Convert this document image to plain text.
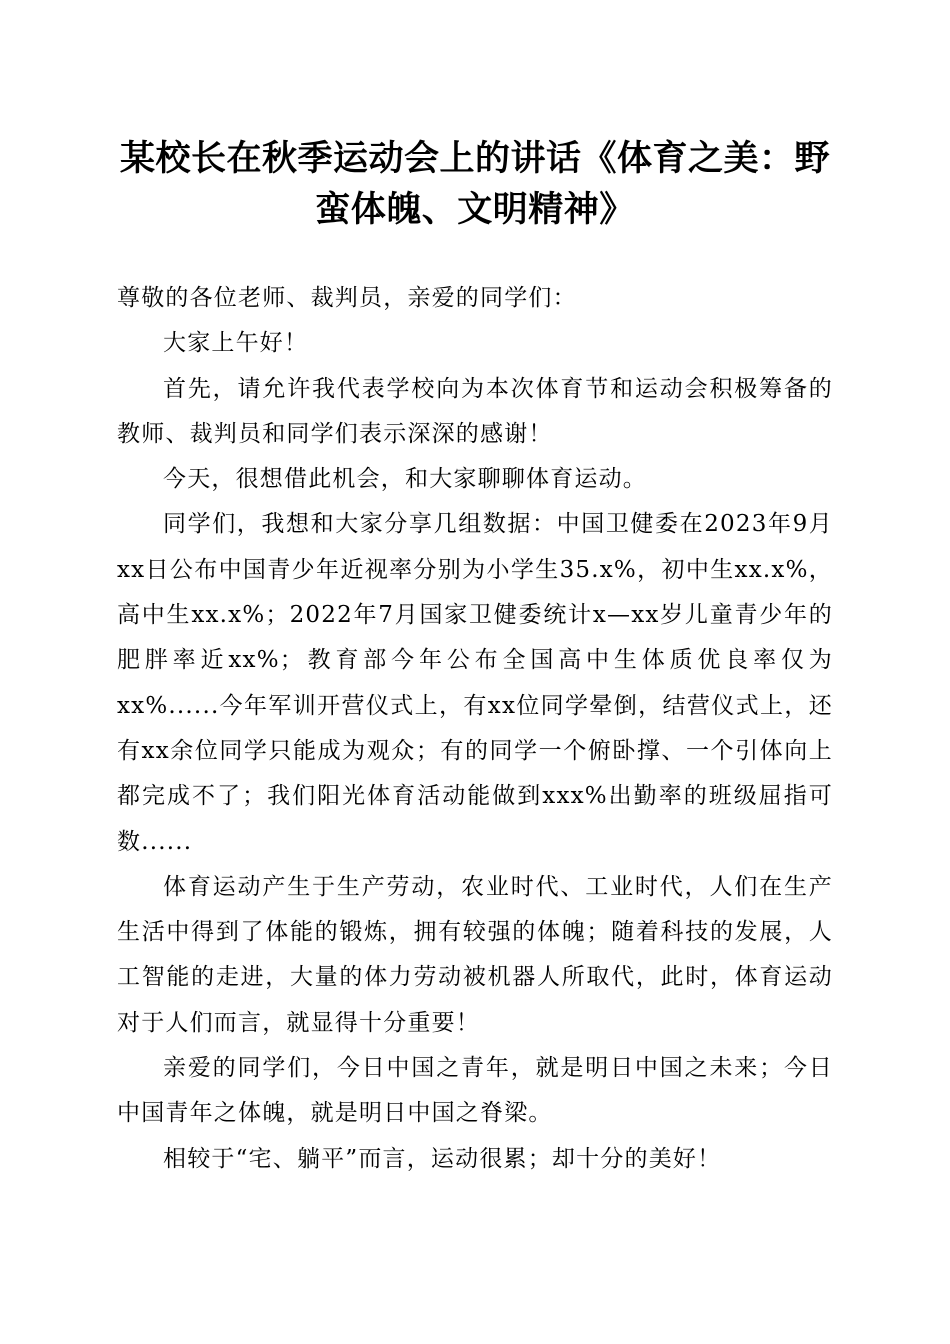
某校长在秋季运动会上的讲话《体育之美：野蛮体魄、文明精神》

尊敬的各位老师、裁判员，亲爱的同学们：

大家上午好！

首先，请允许我代表学校向为本次体育节和运动会积极筹备的教师、裁判员和同学们表示深深的感谢！

今天，很想借此机会，和大家聊聊体育运动。

同学们，我想和大家分享几组数据：中国卫健委在2023年9月xx日公布中国青少年近视率分别为小学生35.x%，初中生xx.x%，高中生xx.x%；2022年7月国家卫健委统计x—xx岁儿童青少年的肥胖率近xx%；教育部今年公布全国高中生体质优良率仅为xx%......今年军训开营仪式上，有xx位同学晕倒，结营仪式上，还有xx余位同学只能成为观众；有的同学一个俯卧撑、一个引体向上都完成不了；我们阳光体育活动能做到xxx%出勤率的班级屈指可数......

体育运动产生于生产劳动，农业时代、工业时代，人们在生产生活中得到了体能的锻炼，拥有较强的体魄；随着科技的发展，人工智能的走进，大量的体力劳动被机器人所取代，此时，体育运动对于人们而言，就显得十分重要！

亲爱的同学们，今日中国之青年，就是明日中国之未来；今日中国青年之体魄，就是明日中国之脊梁。

相较于“宅、躺平”而言，运动很累；却十分的美好！
